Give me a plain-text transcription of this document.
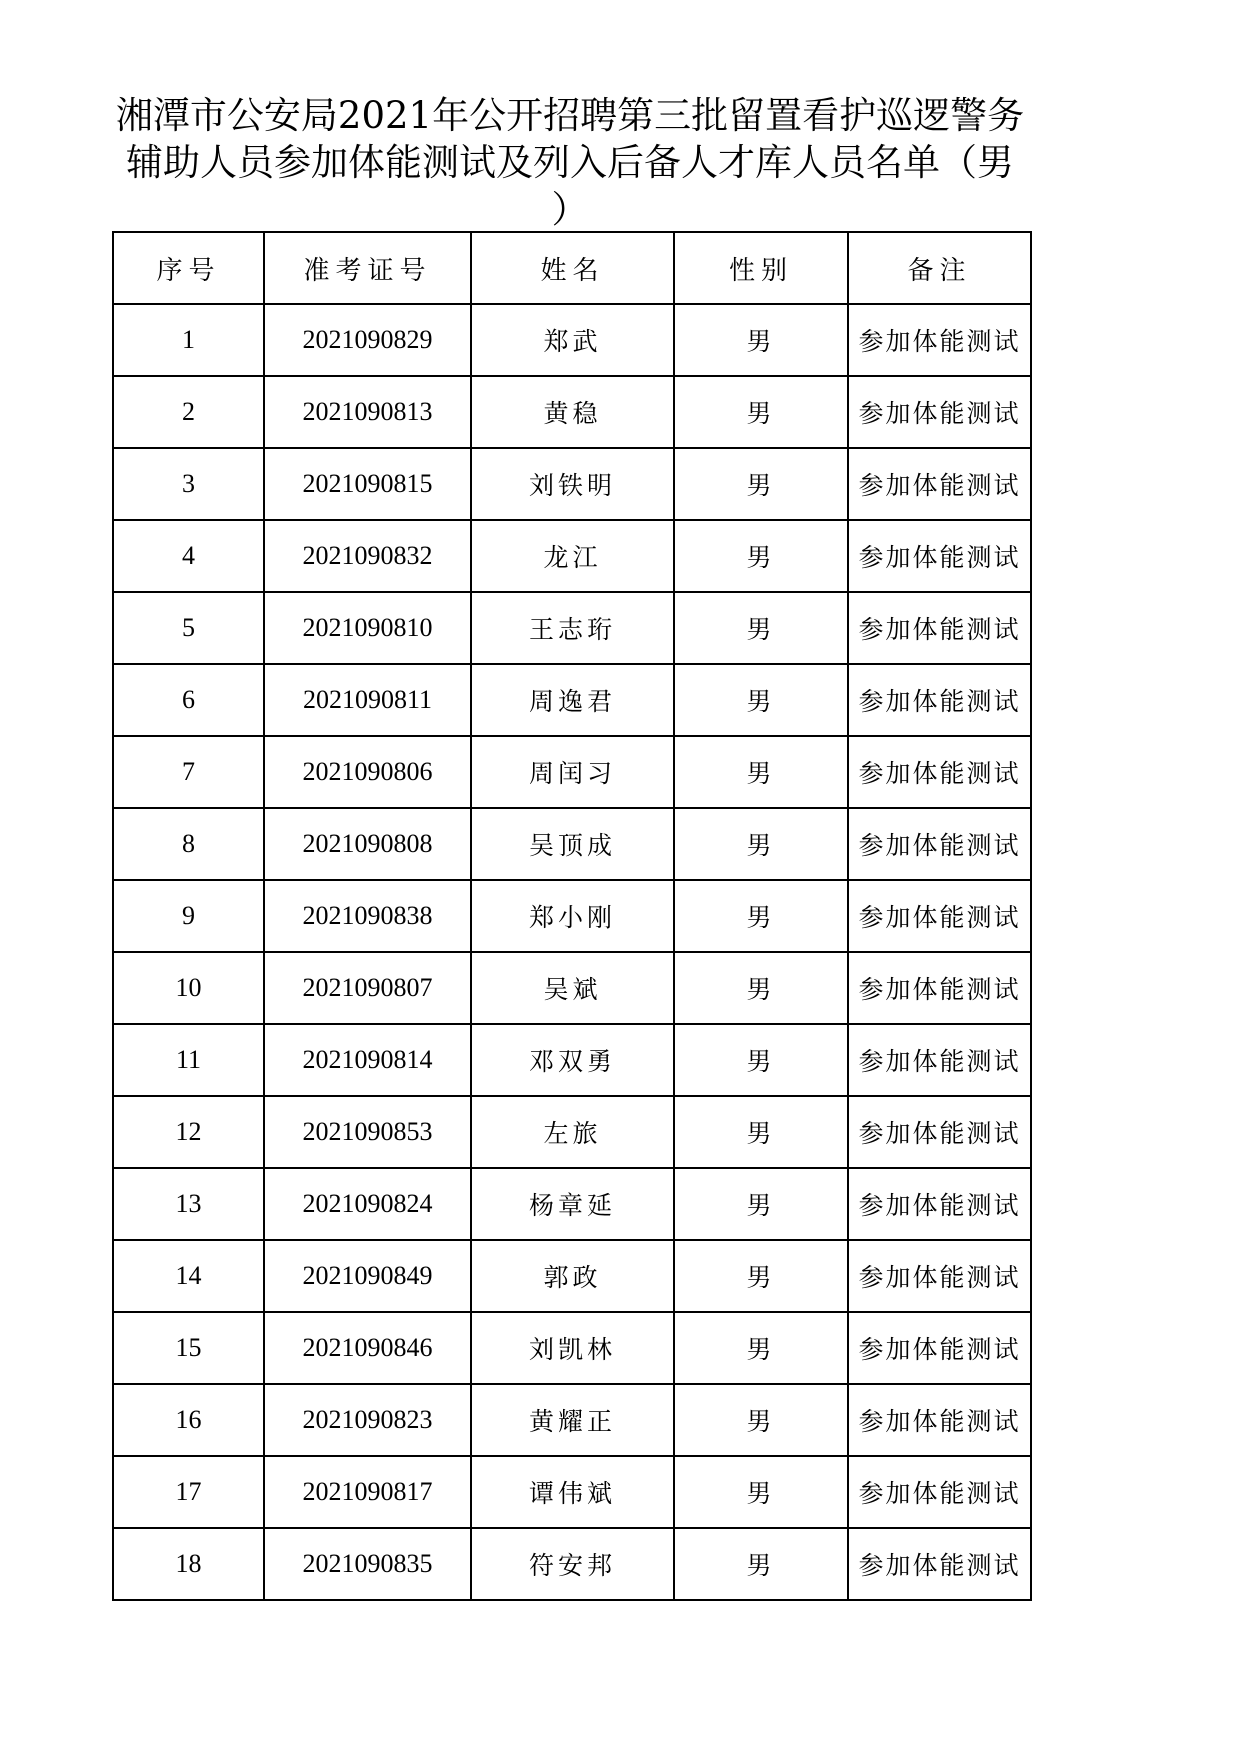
湘潭市公安局2021年公开招聘第三批留置看护巡逻警务
辅助人员参加体能测试及列入后备人才库人员名单（男
）
序号	准考证号	姓名	性别	备注
1	2021090829	郑武	男	参加体能测试
2	2021090813	黄稳	男	参加体能测试
3	2021090815	刘铁明	男	参加体能测试
4	2021090832	龙江	男	参加体能测试
5	2021090810	王志珩	男	参加体能测试
6	2021090811	周逸君	男	参加体能测试
7	2021090806	周闰习	男	参加体能测试
8	2021090808	吴顶成	男	参加体能测试
9	2021090838	郑小刚	男	参加体能测试
10	2021090807	吴斌	男	参加体能测试
11	2021090814	邓双勇	男	参加体能测试
12	2021090853	左旅	男	参加体能测试
13	2021090824	杨章延	男	参加体能测试
14	2021090849	郭政	男	参加体能测试
15	2021090846	刘凯林	男	参加体能测试
16	2021090823	黄耀正	男	参加体能测试
17	2021090817	谭伟斌	男	参加体能测试
18	2021090835	符安邦	男	参加体能测试
